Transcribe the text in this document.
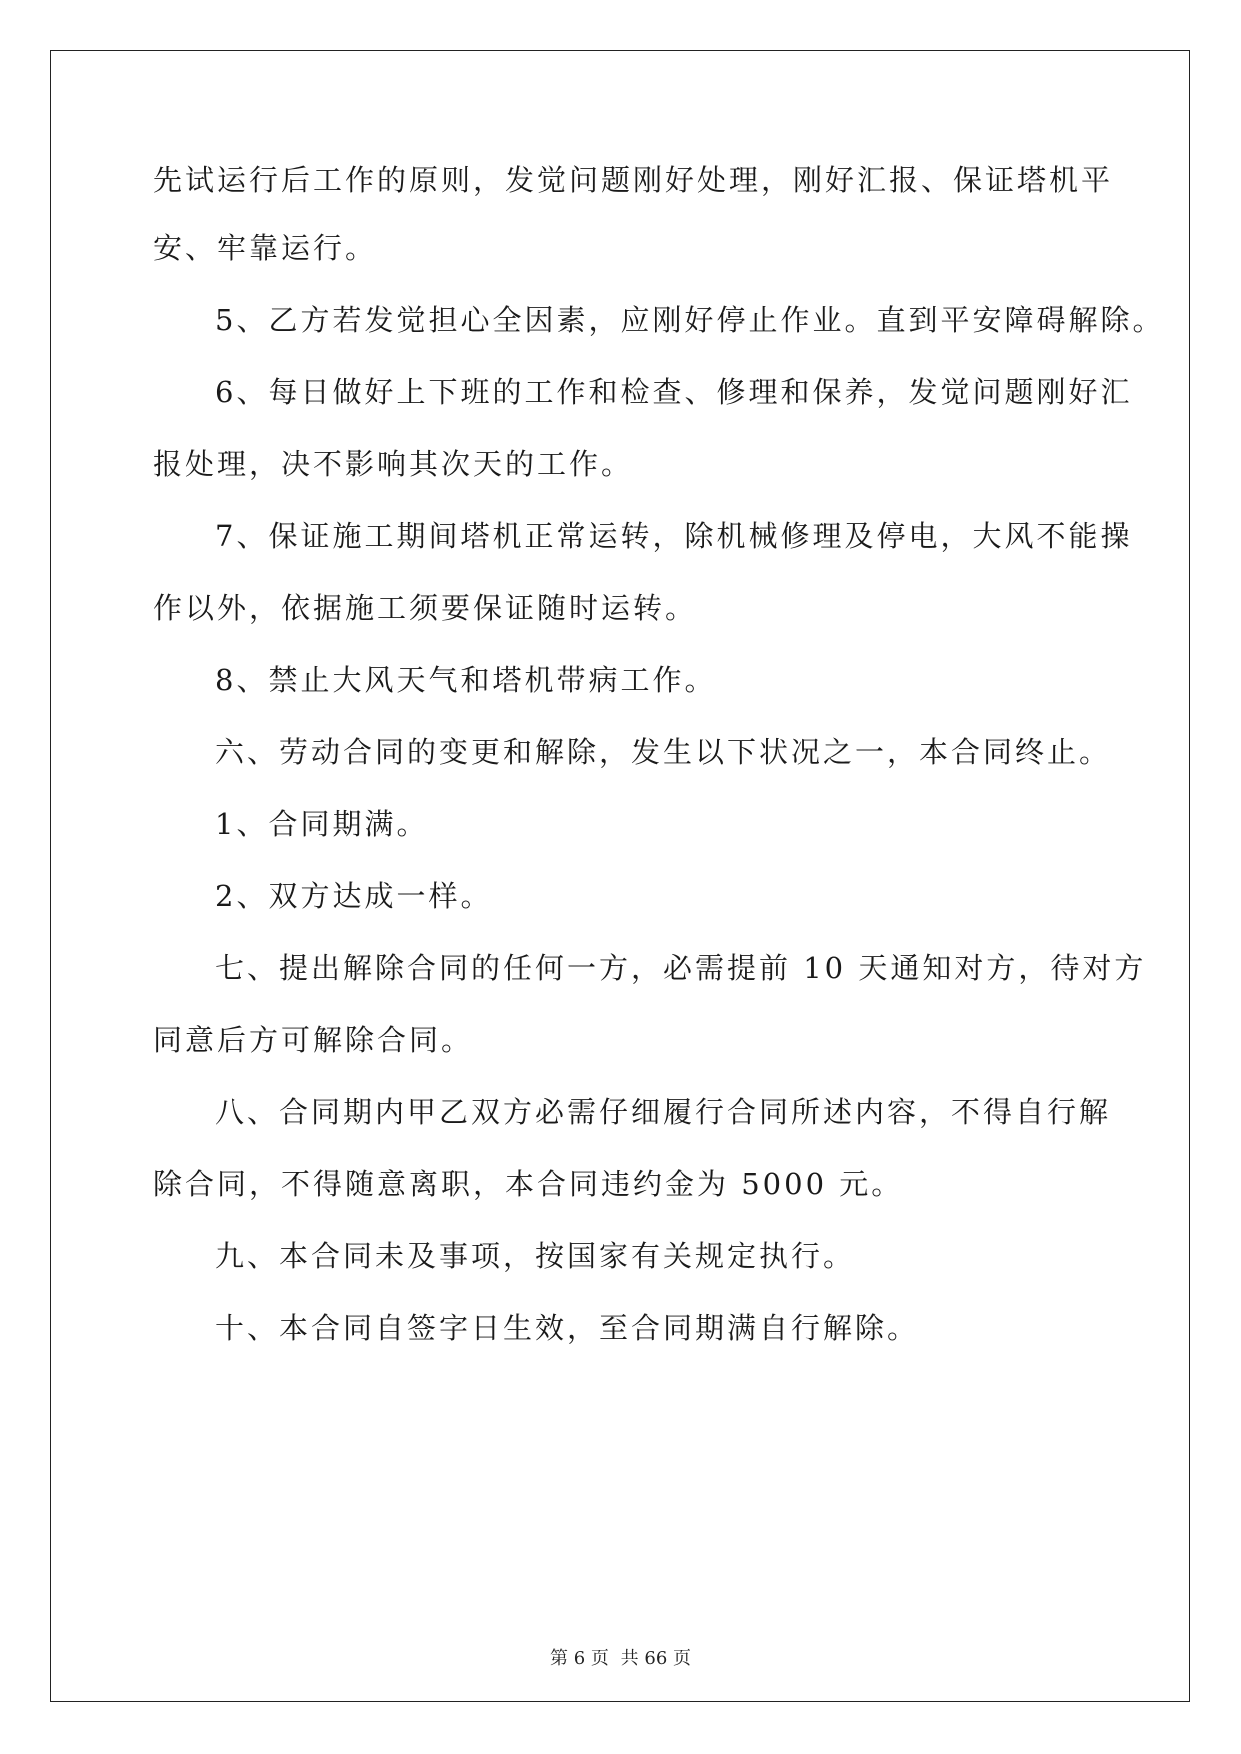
先试运行后工作的原则，发觉问题刚好处理，刚好汇报、保证塔机平
安、牢靠运行。
5、乙方若发觉担心全因素，应刚好停止作业。直到平安障碍解除。
6、每日做好上下班的工作和检查、修理和保养，发觉问题刚好汇
报处理，决不影响其次天的工作。
7、保证施工期间塔机正常运转，除机械修理及停电，大风不能操
作以外，依据施工须要保证随时运转。
8、禁止大风天气和塔机带病工作。
六、劳动合同的变更和解除，发生以下状况之一，本合同终止。
1、合同期满。
2、双方达成一样。
七、提出解除合同的任何一方，必需提前 10 天通知对方，待对方
同意后方可解除合同。
八、合同期内甲乙双方必需仔细履行合同所述内容，不得自行解
除合同，不得随意离职，本合同违约金为 5000 元。
九、本合同未及事项，按国家有关规定执行。
十、本合同自签字日生效，至合同期满自行解除。
第 6 页 共 66 页
